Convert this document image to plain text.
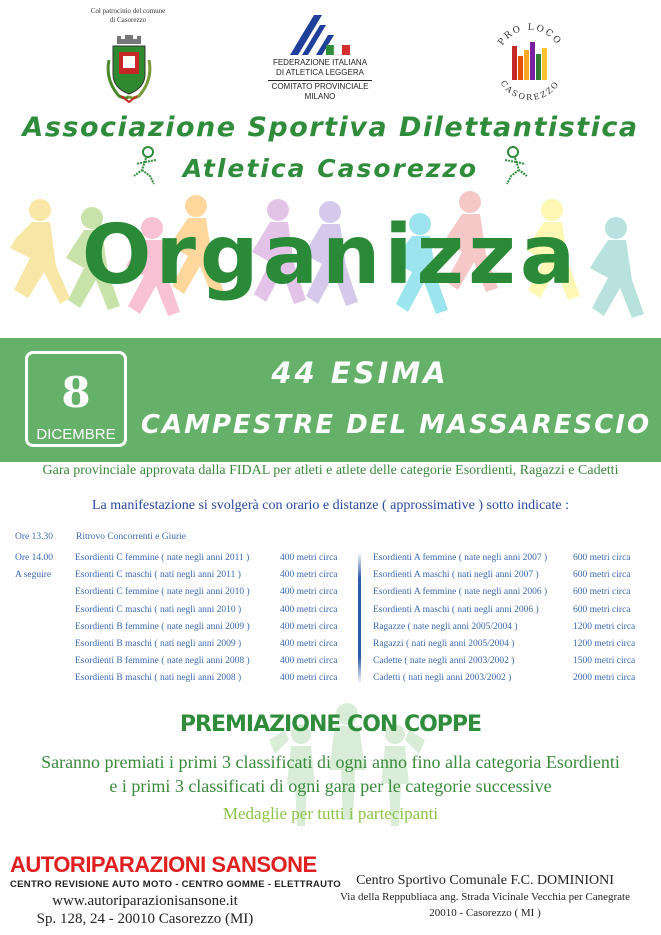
Col patrocinio del comune
di Casorezzo
FEDERAZIONE ITALIANA
DI ATLETICA LEGGERA
COMITATO PROVINCIALE
MILANO
PRO LOCO
CASOREZZO
Associazione Sportiva Dilettantistica
Atletica Casorezzo
Organizza
8
DICEMBRE
44 ESIMA
CAMPESTRE DEL MASSARESCIO
Gara provinciale approvata dalla FIDAL per atleti e atlete delle categorie Esordienti, Ragazzi e Cadetti
La manifestazione si svolgerà con orario e distanze ( approssimative ) sotto indicate :
Ore 13.30 Ritrovo Concorrenti e Giurie
Ore 14.00
A seguire
Esordienti C femmine ( nate negli anni 2011 )	400 metri circa
Esordienti C maschi ( nati negli anni 2011 )	400 metri circa
Esordienti C femmine ( nate negli anni 2010 )	400 metri circa
Esordienti C maschi ( nati negli anni 2010 )	400 metri circa
Esordienti B femmine ( nate negli anni 2009 )	400 metri circa
Esordienti B maschi ( nati negli anni 2009 )	400 metri circa
Esordienti B femmine ( nate negli anni 2008 )	400 metri circa
Esordienti B maschi ( nati negli anni 2008 )	400 metri circa
Esordienti A femmine ( nate negli anni 2007 )	600 metri circa
Esordienti A maschi ( nati negli anni 2007 )	600 metri circa
Esordienti A femmine ( nate negli anni 2006 )	600 metri circa
Esordienti A maschi ( nati negli anni 2006 )	600 metri circa
Ragazze ( nate negli anni 2005/2004 )	1200 metri circa
Ragazzi ( nati negli anni 2005/2004 )	1200 metri circa
Cadette ( nate negli anni 2003/2002 )	1500 metri circa
Cadetti ( nati negli anni 2003/2002 )	2000 metri circa
PREMIAZIONE CON COPPE
Saranno premiati i primi 3 classificati di ogni anno fino alla categoria Esordienti
e i primi 3 classificati di ogni gara per le categorie successive
Medaglie per tutti i partecipanti
AUTORIPARAZIONI SANSONE
CENTRO REVISIONE AUTO MOTO - CENTRO GOMME - ELETTRAUTO
www.autoriparazionisansone.it
Sp. 128, 24 - 20010 Casorezzo (MI)
Centro Sportivo Comunale F.C. DOMINIONI
Via della Reppubliaca ang. Strada Vicinale Vecchia per Canegrate
20010 - Casorezzo ( MI )
